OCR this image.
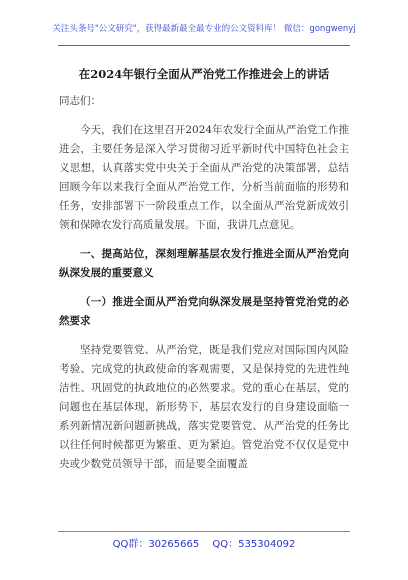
关注头条号"公文研究"，获得最新最全最专业的公文资料库！ 微信：gongwenyj
在2024年银行全面从严治党工作推进会上的讲话

同志们：

今天，我们在这里召开2024年农发行全面从严治党工作推进会，主要任务是深入学习贯彻习近平新时代中国特色社会主义思想，认真落实党中央关于全面从严治党的决策部署，总结回顾今年以来我行全面从严治党工作，分析当前面临的形势和任务，安排部署下一阶段重点工作，以全面从严治党新成效引领和保障农发行高质量发展。下面，我讲几点意见。

一、提高站位，深刻理解基层农发行推进全面从严治党向纵深发展的重要意义

（一）推进全面从严治党向纵深发展是坚持管党治党的必然要求

坚持党要管党、从严治党，既是我们党应对国际国内风险考验、完成党的执政使命的客观需要，又是保持党的先进性纯洁性、巩固党的执政地位的必然要求。党的重心在基层，党的问题也在基层体现，新形势下，基层农发行的自身建设面临一系列新情况新问题新挑战，落实党要管党、从严治党的任务比以往任何时候都更为繁重、更为紧迫。管党治党不仅仅是党中央或少数党员领导干部，而是要全面覆盖

QQ群：30265665 QQ：535304092
